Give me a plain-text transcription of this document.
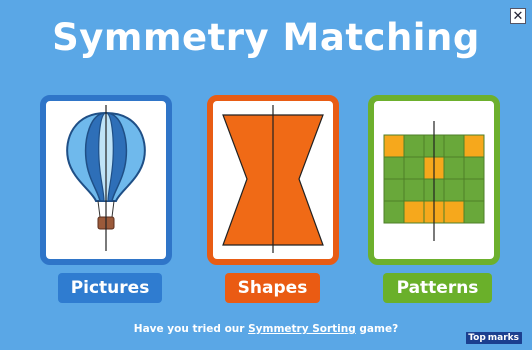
Symmetry Matching	✕
Pictures	Shapes	Patterns
Have you tried our Symmetry Sorting game?
Top marks
